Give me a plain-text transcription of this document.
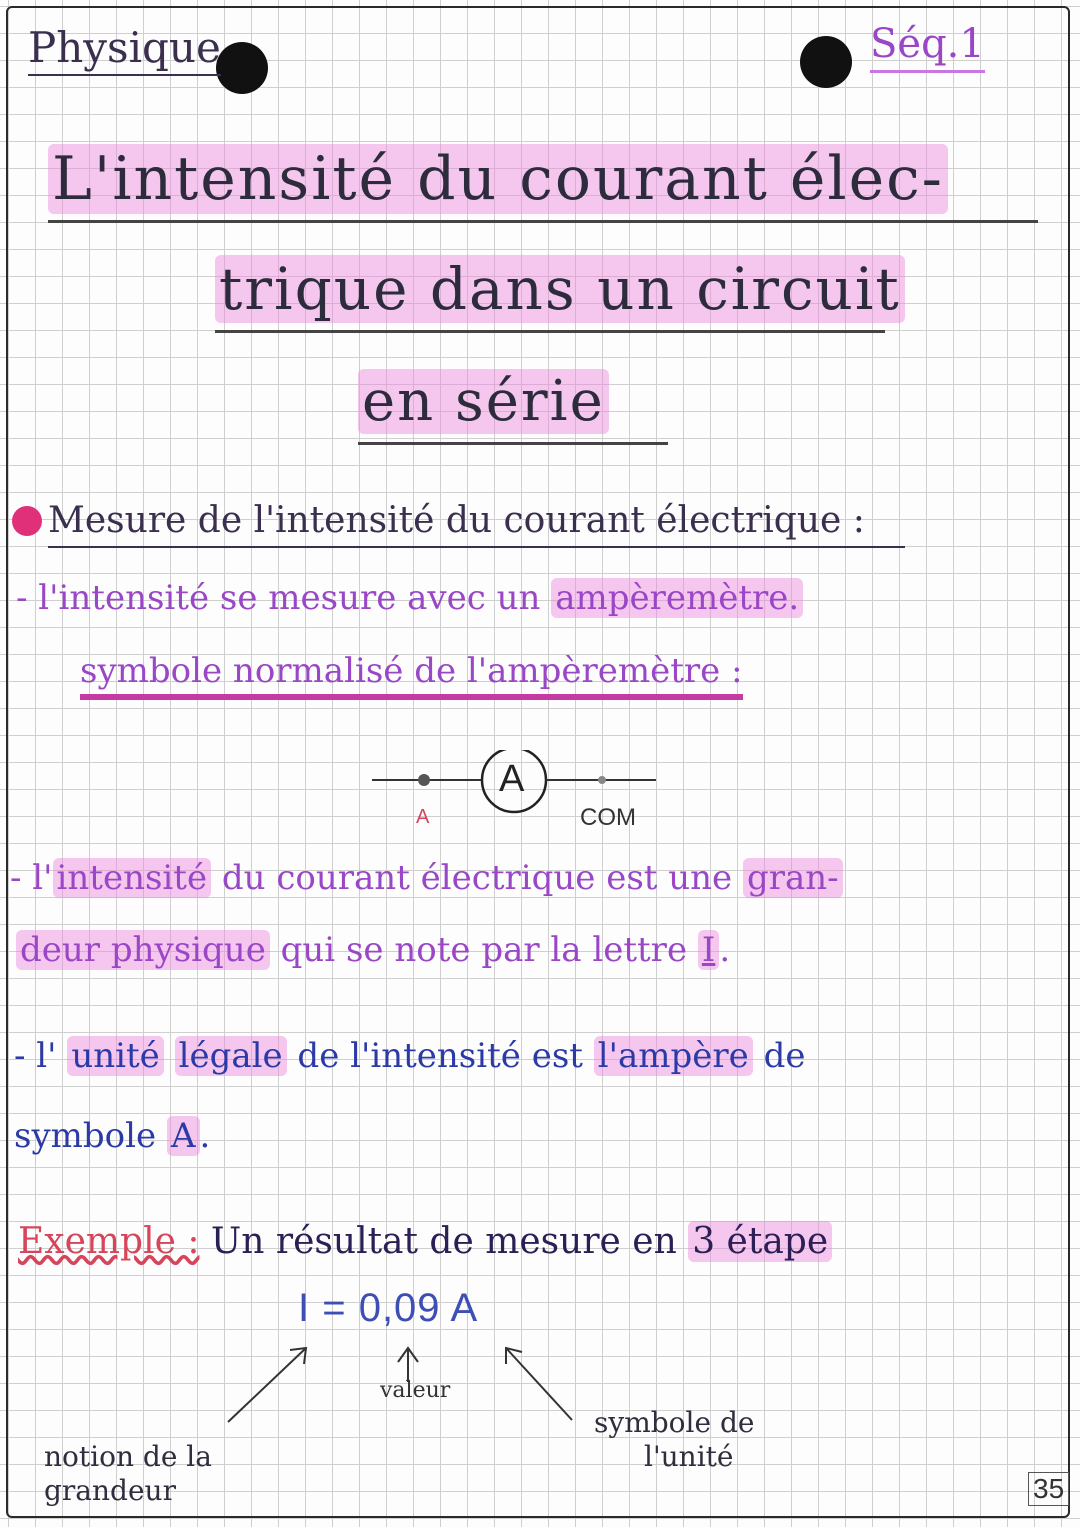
Physique	Séq.1
L'intensité du courant élec-
trique dans un circuit
en série
Mesure de l'intensité du courant électrique :
- l'intensité se mesure avec un ampèremètre.
symbole normalisé de l'ampèremètre :
A
A	COM
- l' intensité du courant électrique est une gran-
deur physique qui se note par la lettre I .
- l' unité légale de l'intensité est l'ampère de
symbole A .
Exemple : Un résultat de mesure en 3 étape
I = 0,09 A
valeur
notion de la
grandeur
symbole de
l'unité
35
